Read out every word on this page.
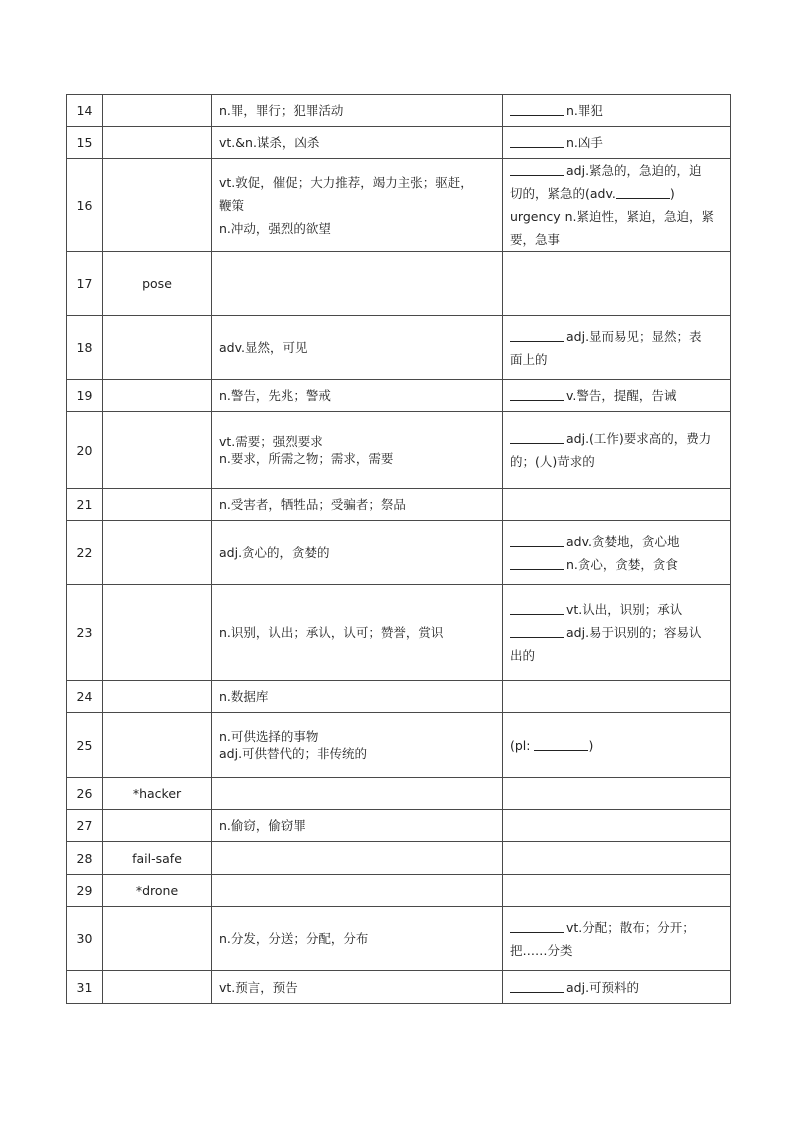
14		n.罪，罪行；犯罪活动	n.罪犯

15		vt.&n.谋杀，凶杀	n.凶手

16		vt.敦促，催促；大力推荐，竭力主张；驱赶，
鞭策
n.冲动，强烈的欲望	adj.紧急的，急迫的，迫
切的，紧急的(adv. )
urgency n.紧迫性，紧迫，急迫，紧
要，急事

17	pose		
18		adv.显然，可见	adj.显而易见；显然；表
面上的

19		n.警告，先兆；警戒	v.警告，提醒，告诫

20		vt.需要；强烈要求
n.要求，所需之物；需求，需要	adj.(工作)要求高的，费力
的；(人)苛求的

21		n.受害者，牺牲品；受骗者；祭品	

22		adj.贪心的，贪婪的	adv.贪婪地，贪心地
n.贪心，贪婪，贪食

23		n.识别，认出；承认，认可；赞誉，赏识	vt.认出，识别；承认
adj.易于识别的；容易认
出的

24		n.数据库	

25		n.可供选择的事物
adj.可供替代的；非传统的	(pl: )

26	*hacker		
27		n.偷窃，偷窃罪	

28	fail-safe		
29	*drone		
30		n.分发，分送；分配，分布	vt.分配；散布；分开；
把……分类

31		vt.预言，预告	adj.可预料的
